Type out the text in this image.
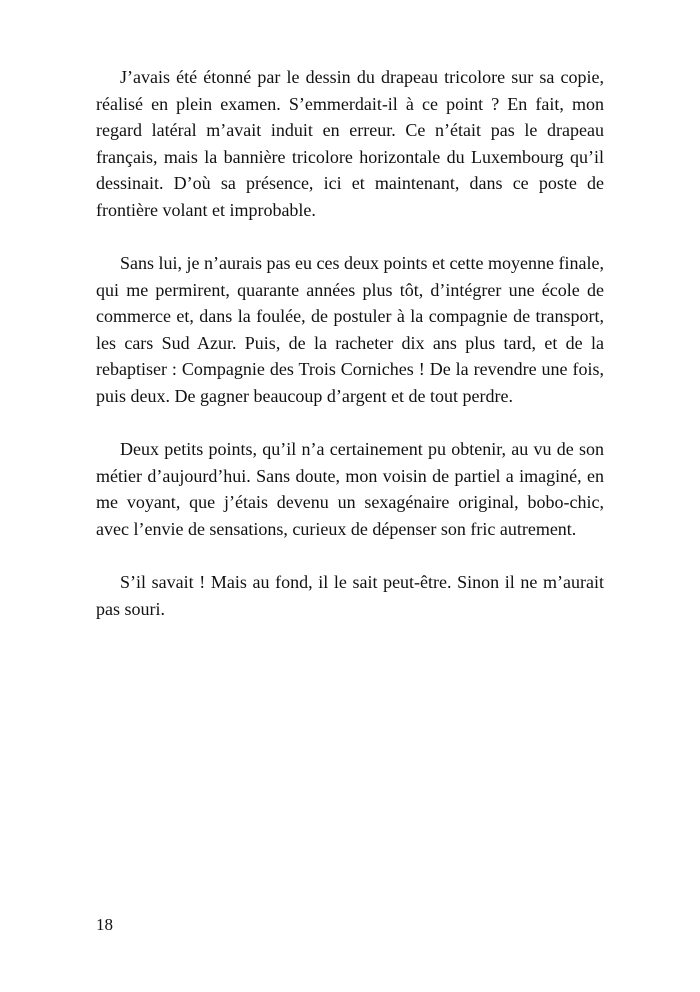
J’avais été étonné par le dessin du drapeau tricolore sur sa copie, réalisé en plein examen. S’emmerdait-il à ce point ? En fait, mon regard latéral m’avait induit en erreur. Ce n’était pas le drapeau français, mais la bannière tricolore horizontale du Luxembourg qu’il dessinait. D’où sa présence, ici et maintenant, dans ce poste de frontière volant et improbable.

Sans lui, je n’aurais pas eu ces deux points et cette moyenne finale, qui me permirent, quarante années plus tôt, d’intégrer une école de commerce et, dans la foulée, de postuler à la compagnie de transport, les cars Sud Azur. Puis, de la racheter dix ans plus tard, et de la rebaptiser : Compagnie des Trois Corniches ! De la revendre une fois, puis deux. De gagner beaucoup d’argent et de tout perdre.

Deux petits points, qu’il n’a certainement pu obtenir, au vu de son métier d’aujourd’hui. Sans doute, mon voisin de partiel a imaginé, en me voyant, que j’étais devenu un sexagénaire original, bobo-chic, avec l’envie de sensations, curieux de dépenser son fric autrement.

S’il savait ! Mais au fond, il le sait peut-être. Sinon il ne m’aurait pas souri.

18
